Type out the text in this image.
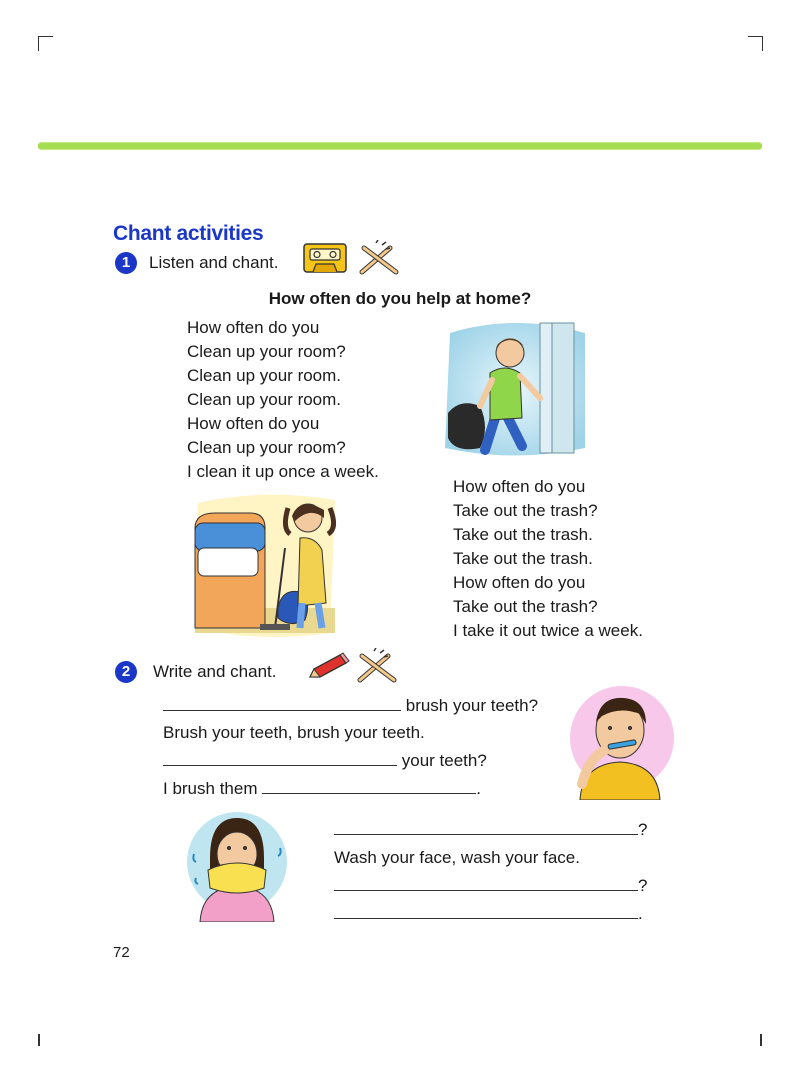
Chant activities
1	Listen and chant.
How often do you help at home?
How often do you
Clean up your room?
Clean up your room.
Clean up your room.
How often do you
Clean up your room?
I clean it up once a week.
How often do you
Take out the trash?
Take out the trash.
Take out the trash.
How often do you
Take out the trash?
I take it out twice a week.
2	Write and chant.
brush your teeth?
Brush your teeth, brush your teeth.
your teeth?
I brush them	.
?
Wash your face, wash your face.
?
.
72
